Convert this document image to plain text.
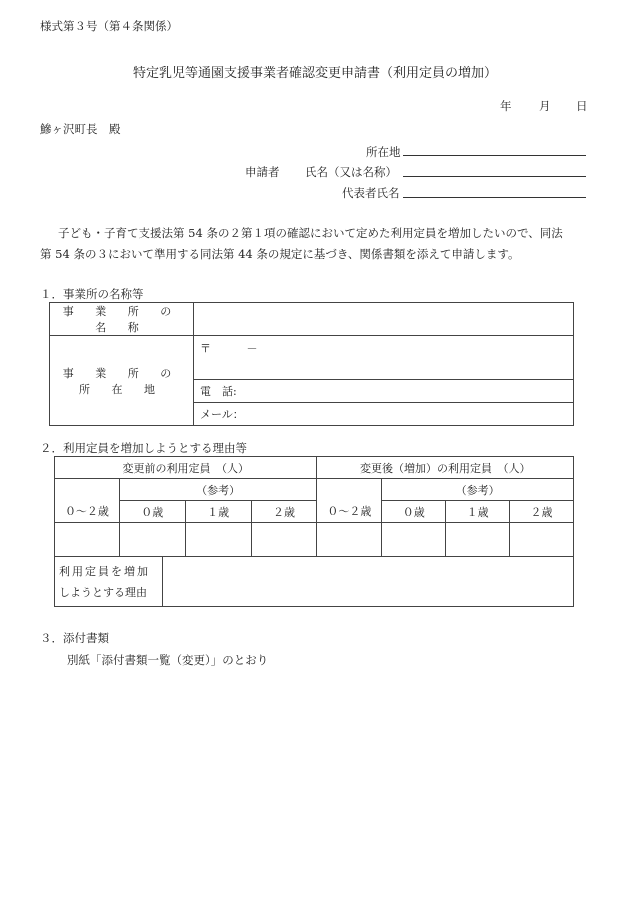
様式第３号（第４条関係）
特定乳児等通園支援事業者確認変更申請書（利用定員の増加）
年 月 日
鰺ヶ沢町長　殿
所在地
申請者 氏名（又は名称）
代表者氏名
子ども・子育て支援法第 54 条の２第１項の確認において定めた利用定員を増加したいので、同法
第 54 条の３において準用する同法第 44 条の規定に基づき、関係書類を添えて申請します。
１．事業所の名称等
事 業 所 の 名 称	
事 業 所 の 所 在 地	〒 －
	電　話:
	メール：
２．利用定員を増加しようとする理由等
変更前の利用定員　（人）				変更後（増加）の利用定員　（人）			
	（参考）				（参考）		
０～２歳	０歳	１歳	２歳	０～２歳	０歳	１歳	２歳

利用定員を増加
しようとする理由

３．添付書類
別紙「添付書類一覧（変更）」のとおり
